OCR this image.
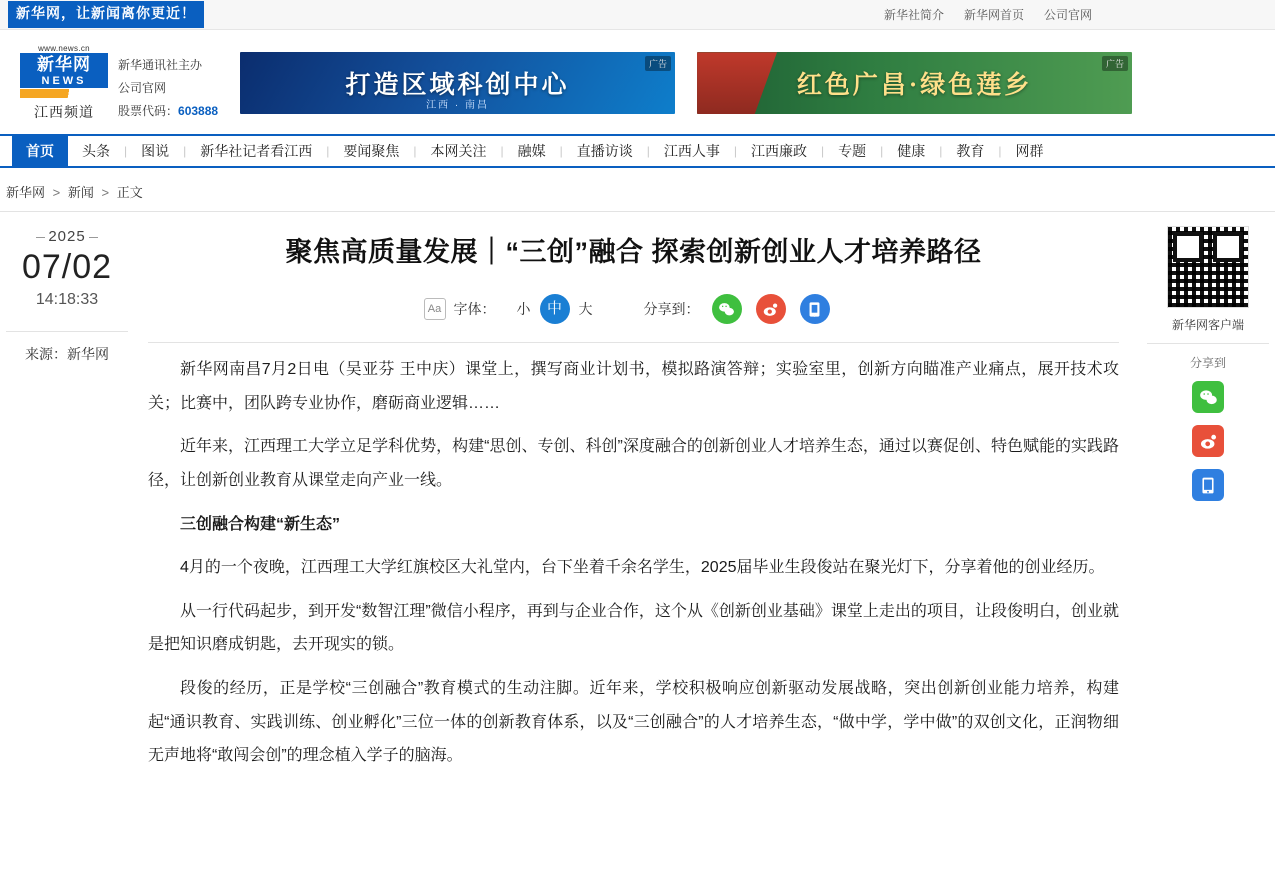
新华网，让新闻离你更近！	新华社简介 新华网首页 公司官网
www.news.cn
新华网
NEWS
江西频道
新华通讯社主办
公司官网
股票代码：603888
打造区域科创中心
江西 · 南昌
广告
红色广昌·绿色莲乡
广告
首页	头条	|	图说	|	新华社记者看江西	|	要闻聚焦	|	本网关注	|	融媒	|	直播访谈	|	江西人事	|	江西廉政	|	专题	|	健康	|	教育	|	网群
新华网 > 新闻 > 正文
2025
07/02
14:18:33
来源：新华网
聚焦高质量发展｜“三创”融合 探索创新创业人才培养路径
Aa 字体：	小	中	大	分享到：

新华网南昌7月2日电（吴亚芬 王中庆）课堂上，撰写商业计划书，模拟路演答辩；实验室里，创新方向瞄准产业痛点，展开技术攻关；比赛中，团队跨专业协作，磨砺商业逻辑……

近年来，江西理工大学立足学科优势，构建“思创、专创、科创”深度融合的创新创业人才培养生态，通过以赛促创、特色赋能的实践路径，让创新创业教育从课堂走向产业一线。

三创融合构建“新生态”

4月的一个夜晚，江西理工大学红旗校区大礼堂内，台下坐着千余名学生，2025届毕业生段俊站在聚光灯下，分享着他的创业经历。

从一行代码起步，到开发“数智江理”微信小程序，再到与企业合作，这个从《创新创业基础》课堂上走出的项目，让段俊明白，创业就是把知识磨成钥匙，去开现实的锁。

段俊的经历，正是学校“三创融合”教育模式的生动注脚。近年来，学校积极响应创新驱动发展战略，突出创新创业能力培养，构建起“通识教育、实践训练、创业孵化”三位一体的创新教育体系，以及“三创融合”的人才培养生态，“做中学，学中做”的双创文化，正润物细无声地将“敢闯会创”的理念植入学子的脑海。

新华网客户端
分享到
